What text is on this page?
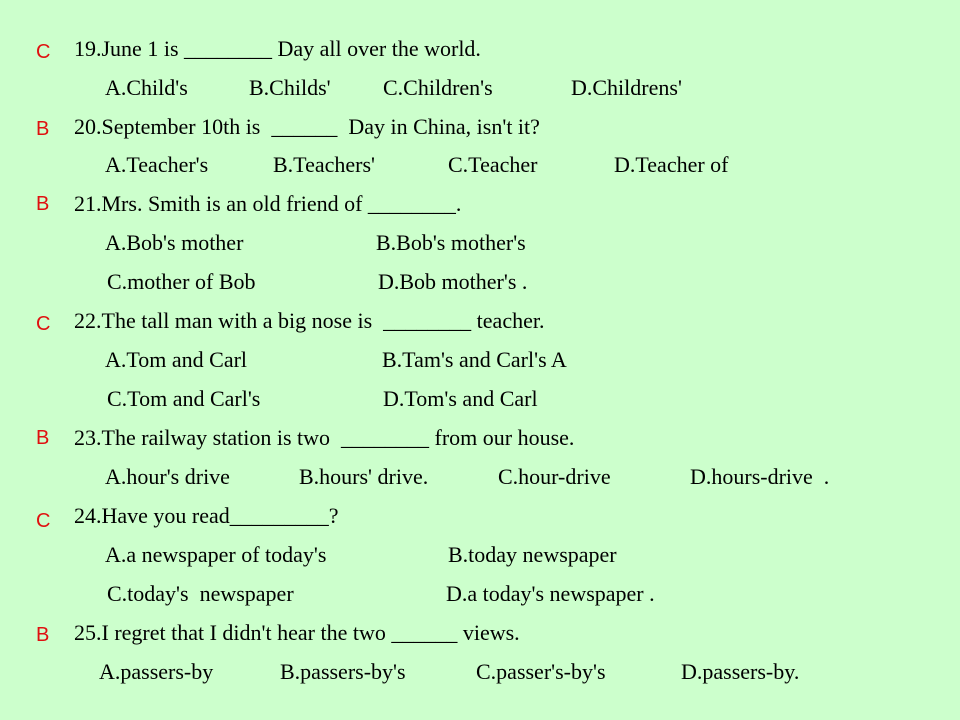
C 19.June 1 is ________ Day all over the world.
A.Child's	B.Childs' C.Children's	D.Childrens'
B 20.September 10th is  ______  Day in China, isn't it?
A.Teacher's	B.Teachers'	C.Teacher	D.Teacher of
B 21.Mrs. Smith is an old friend of ________.
A.Bob's mother	B.Bob's mother's
C.mother of Bob	D.Bob mother's .
C 22.The tall man with a big nose is  ________ teacher.
A.Tom and Carl	B.Tam's and Carl's A
C.Tom and Carl's	D.Tom's and Carl
B 23.The railway station is two  ________ from our house.
A.hour's drive	B.hours' drive.	C.hour-drive	D.hours-drive  .
C 24.Have you read_________?
A.a newspaper of today's	B.today newspaper
C.today's  newspaper	D.a today's newspaper .
B 25.I regret that I didn't hear the two ______ views.
A.passers-by	B.passers-by's	C.passer's-by's	D.passers-by.
